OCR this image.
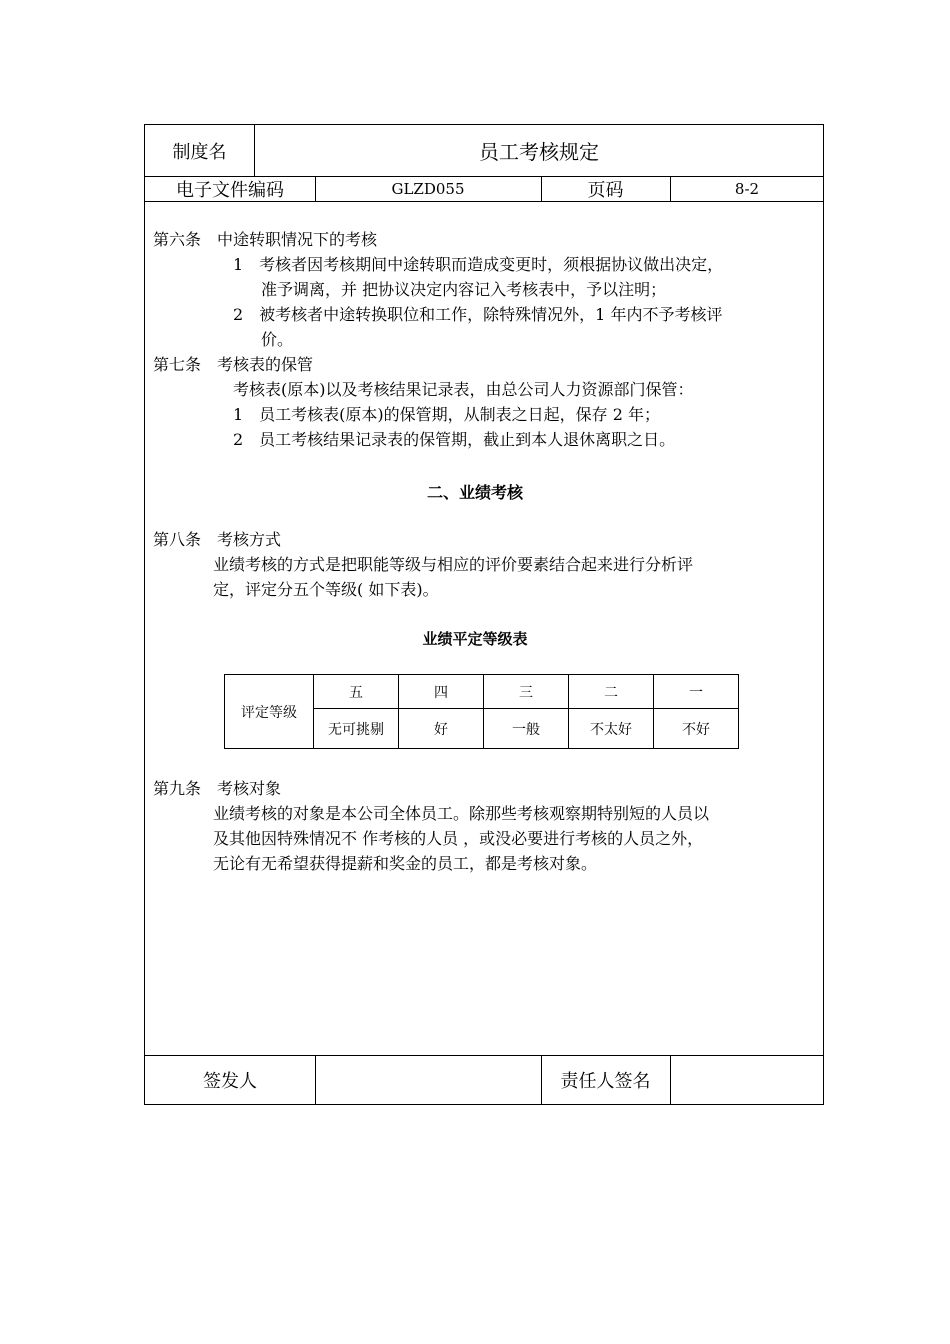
制度名	员工考核规定
电子文件编码	GLZD055	页码	8-2
签发人	责任人签名
第六条　中途转职情况下的考核
1　考核者因考核期间中途转职而造成变更时，须根据协议做出决定，
准予调离，并 把协议决定内容记入考核表中，予以注明；
2　被考核者中途转换职位和工作，除特殊情况外，1 年内不予考核评
价。
第七条　考核表的保管
考核表(原本)以及考核结果记录表，由总公司人力资源部门保管：
1　员工考核表(原本)的保管期，从制表之日起，保存 2 年；
2　员工考核结果记录表的保管期，截止到本人退休离职之日。
二、业绩考核
第八条　考核方式
业绩考核的方式是把职能等级与相应的评价要素结合起来进行分析评
定，评定分五个等级( 如下表)。
业绩平定等级表
评定等级	五	四	三	二	一
	无可挑剔	好	一般	不太好	不好
第九条　考核对象
业绩考核的对象是本公司全体员工。除那些考核观察期特别短的人员以
及其他因特殊情况不 作考核的人员 ，或没必要进行考核的人员之外，
无论有无希望获得提薪和奖金的员工，都是考核对象。
